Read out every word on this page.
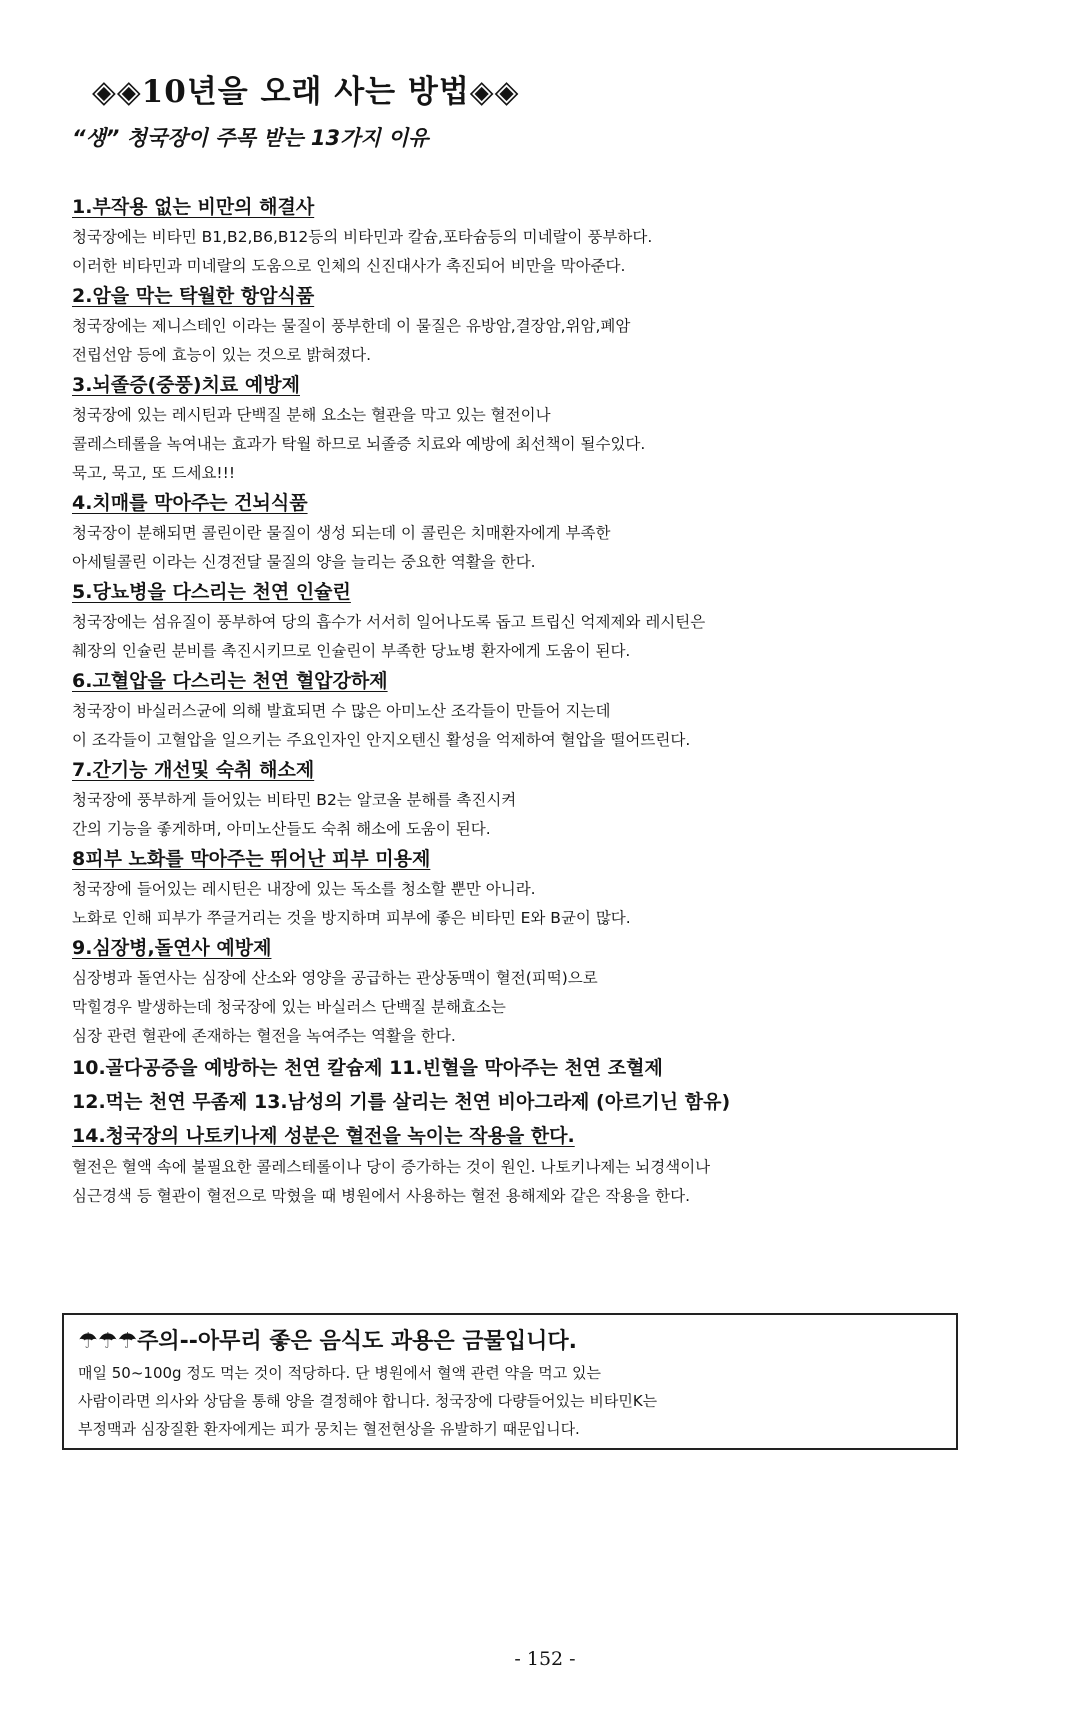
◈◈10년을 오래 사는 방법◈◈
“생” 청국장이 주목 받는 13가지 이유
1.부작용 없는 비만의 해결사
청국장에는 비타민 B1,B2,B6,B12등의 비타민과 칼슘,포타슘등의 미네랄이 풍부하다.
이러한 비타민과 미네랄의 도움으로 인체의 신진대사가 촉진되어 비만을 막아준다.
2.암을 막는 탁월한 항암식품
청국장에는 제니스테인 이라는 물질이 풍부한데 이 물질은 유방암,결장암,위암,폐암
전립선암 등에 효능이 있는 것으로 밝혀졌다.
3.뇌졸증(중풍)치료 예방제
청국장에 있는 레시틴과 단백질 분해 요소는 혈관을 막고 있는 혈전이나
콜레스테롤을 녹여내는 효과가 탁월 하므로 뇌졸증 치료와 예방에 최선책이 될수있다.
묵고, 묵고, 또 드세요!!!
4.치매를 막아주는 건뇌식품
청국장이 분해되면 콜린이란 물질이 생성 되는데 이 콜린은 치매환자에게 부족한
아세틸콜린 이라는 신경전달 물질의 양을 늘리는 중요한 역활을 한다.
5.당뇨병을 다스리는 천연 인슐린
청국장에는 섬유질이 풍부하여 당의 흡수가 서서히 일어나도록 돕고 트립신 억제제와 레시틴은
췌장의 인슐린 분비를 촉진시키므로 인슐린이 부족한 당뇨병 환자에게 도움이 된다.
6.고혈압을 다스리는 천연 혈압강하제
청국장이 바실러스균에 의해 발효되면 수 많은 아미노산 조각들이 만들어 지는데
이 조각들이 고혈압을 일으키는 주요인자인 안지오텐신 활성을 억제하여 혈압을 떨어뜨린다.
7.간기능 개선및 숙취 해소제
청국장에 풍부하게 들어있는 비타민 B2는 알코올 분해를 촉진시켜
간의 기능을 좋게하며, 아미노산들도 숙취 해소에 도움이 된다.
8피부 노화를 막아주는 뛰어난 피부 미용제
청국장에 들어있는 레시틴은 내장에 있는 독소를 청소할 뿐만 아니라.
노화로 인해 피부가 쭈글거리는 것을 방지하며 피부에 좋은 비타민 E와 B균이 많다.
9.심장병,돌연사 예방제
심장병과 돌연사는 심장에 산소와 영양을 공급하는 관상동맥이 혈전(피떡)으로
막힐경우 발생하는데 청국장에 있는 바실러스 단백질 분해효소는
심장 관련 혈관에 존재하는 혈전을 녹여주는 역활을 한다.
10.골다공증을 예방하는 천연 칼슘제 11.빈혈을 막아주는 천연 조혈제
12.먹는 천연 무좀제 13.남성의 기를 살리는 천연 비아그라제 (아르기닌 함유)
14.청국장의 나토키나제 성분은 혈전을 녹이는 작용을 한다.
혈전은 혈액 속에 불필요한 콜레스테롤이나 당이 증가하는 것이 원인. 나토키나제는 뇌경색이나
심근경색 등 혈관이 혈전으로 막혔을 때 병원에서 사용하는 혈전 용해제와 같은 작용을 한다.
☂☂☂주의--아무리 좋은 음식도 과용은 금물입니다.
매일 50~100g 정도 먹는 것이 적당하다. 단 병원에서 혈액 관련 약을 먹고 있는
사람이라면 의사와 상담을 통해 양을 결정해야 합니다. 청국장에 다량들어있는 비타민K는
부정맥과 심장질환 환자에게는 피가 뭉치는 혈전현상을 유발하기 때문입니다.
- 152 -
